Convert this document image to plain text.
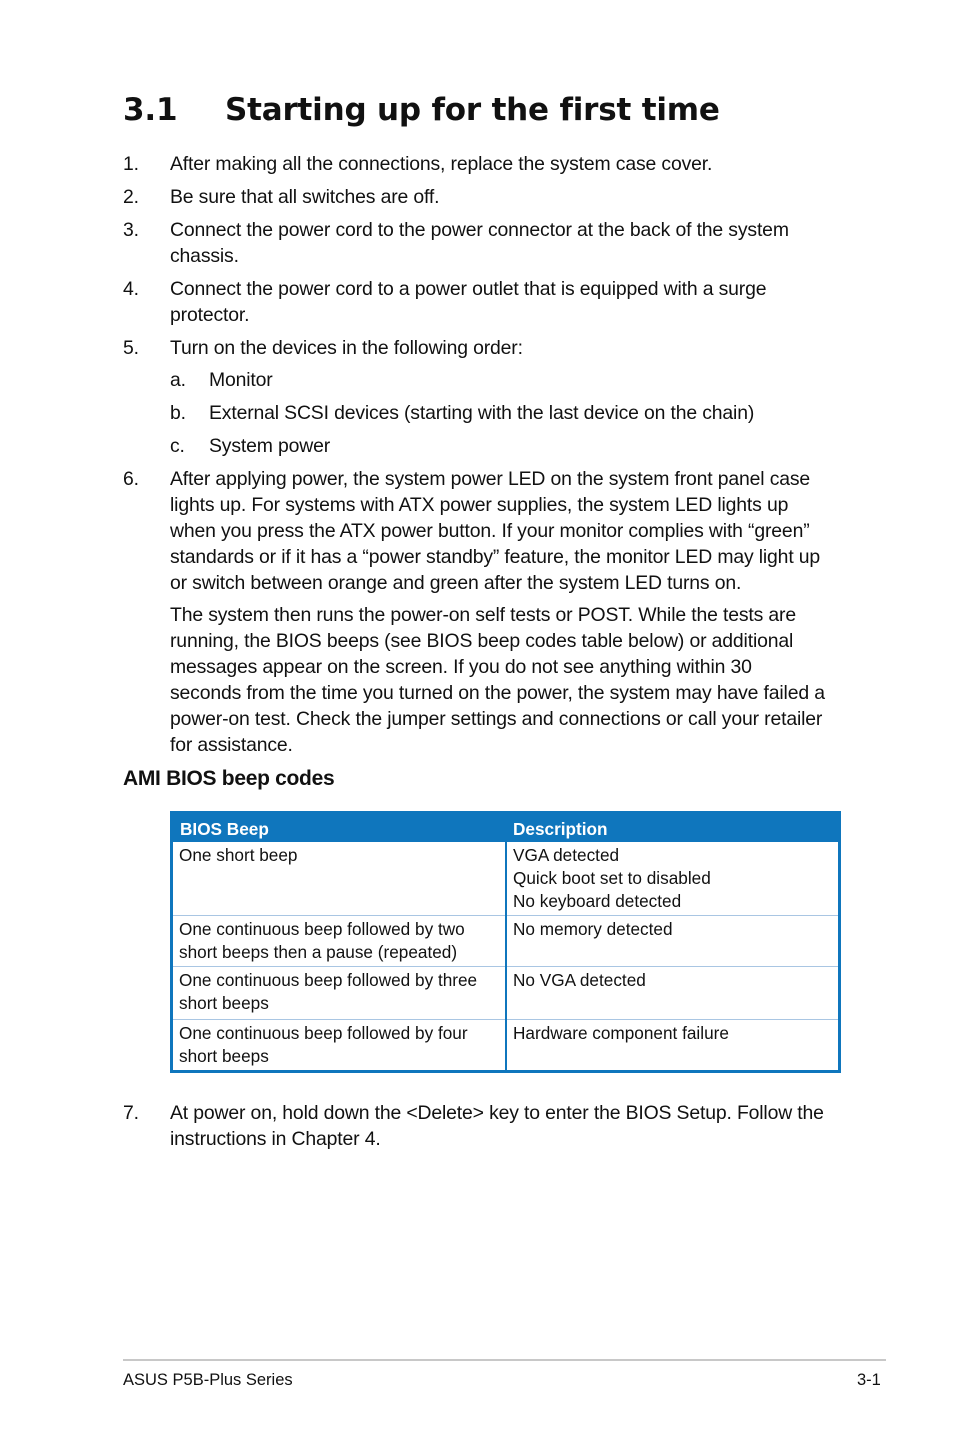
3.1 Starting up for the first time
1. After making all the connections, replace the system case cover.
2. Be sure that all switches are off.
3. Connect the power cord to the power connector at the back of the system
chassis.
4. Connect the power cord to a power outlet that is equipped with a surge
protector.
5. Turn on the devices in the following order:
a. Monitor
b. External SCSI devices (starting with the last device on the chain)
c. System power
6. After applying power, the system power LED on the system front panel case
lights up. For systems with ATX power supplies, the system LED lights up
when you press the ATX power button. If your monitor complies with “green”
standards or if it has a “power standby” feature, the monitor LED may light up
or switch between orange and green after the system LED turns on.
The system then runs the power-on self tests or POST. While the tests are
running, the BIOS beeps (see BIOS beep codes table below) or additional
messages appear on the screen. If you do not see anything within 30
seconds from the time you turned on the power, the system may have failed a
power-on test. Check the jumper settings and connections or call your retailer
for assistance.
7. At power on, hold down the <Delete> key to enter the BIOS Setup. Follow the
instructions in Chapter 4.
AMI BIOS beep codes
BIOS Beep	Description

One short beep	VGA detected
Quick boot set to disabled
No keyboard detected

One continuous beep followed by two
short beeps then a pause (repeated)	No memory detected

One continuous beep followed by three
short beeps	No VGA detected

One continuous beep followed by four
short beeps	Hardware component failure
ASUS P5B-Plus Series	3-1
